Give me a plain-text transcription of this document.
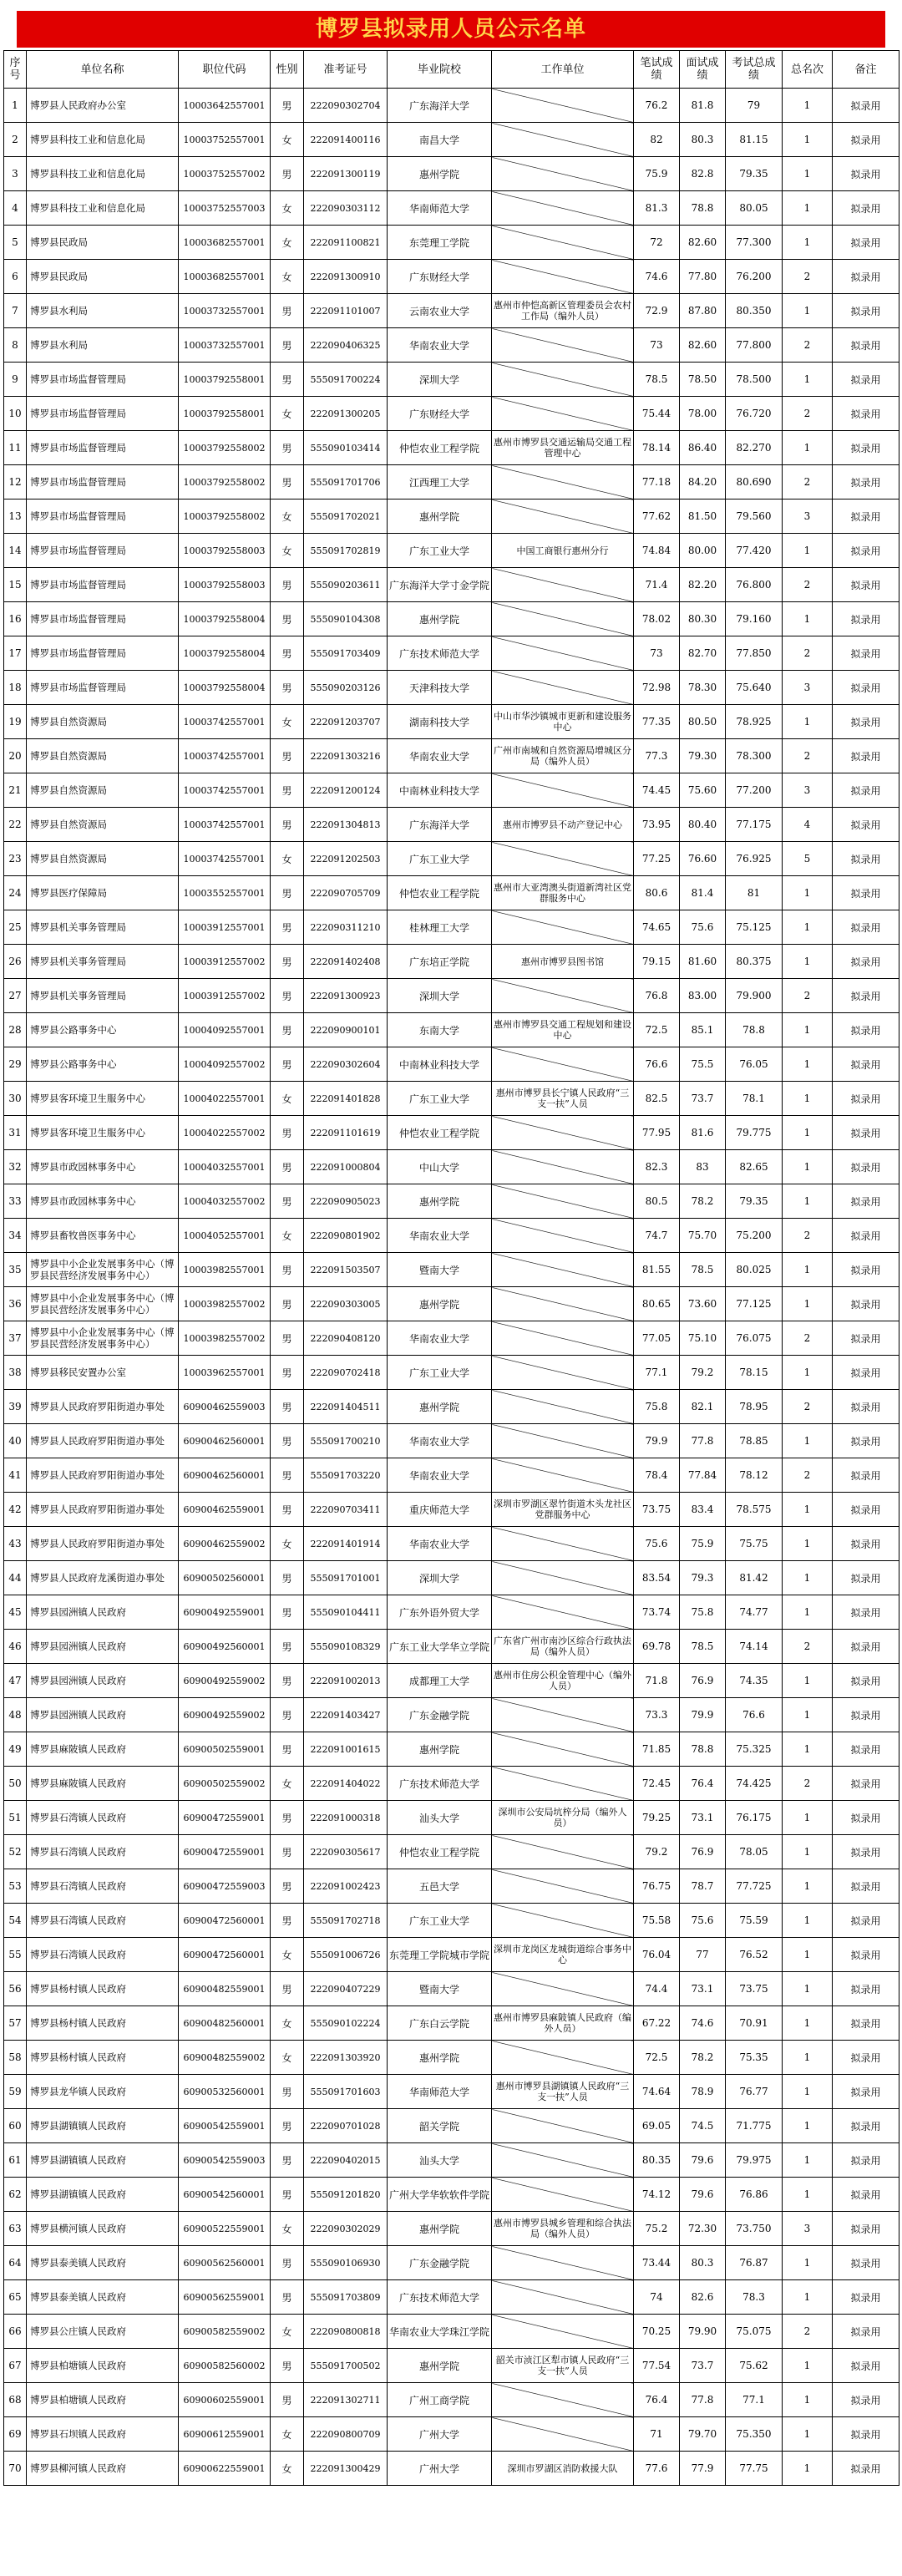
博罗县拟录用人员公示名单
序号	单位名称	职位代码	性别	准考证号	毕业院校	工作单位	笔试成绩	面试成绩	考试总成绩	总名次	备注
1	博罗县人民政府办公室	10003642557001	男	222090302704	广东海洋大学		76.2	81.8	79	1	拟录用
2	博罗县科技工业和信息化局	10003752557001	女	222091400116	南昌大学		82	80.3	81.15	1	拟录用
3	博罗县科技工业和信息化局	10003752557002	男	222091300119	惠州学院		75.9	82.8	79.35	1	拟录用
4	博罗县科技工业和信息化局	10003752557003	女	222090303112	华南师范大学		81.3	78.8	80.05	1	拟录用
5	博罗县民政局	10003682557001	女	222091100821	东莞理工学院		72	82.60	77.300	1	拟录用
6	博罗县民政局	10003682557001	女	222091300910	广东财经大学		74.6	77.80	76.200	2	拟录用
7	博罗县水利局	10003732557001	男	222091101007	云南农业大学	惠州市仲恺高新区管理委员会农村工作局（编外人员）	72.9	87.80	80.350	1	拟录用
8	博罗县水利局	10003732557001	男	222090406325	华南农业大学		73	82.60	77.800	2	拟录用
9	博罗县市场监督管理局	10003792558001	男	555091700224	深圳大学		78.5	78.50	78.500	1	拟录用
10	博罗县市场监督管理局	10003792558001	女	222091300205	广东财经大学		75.44	78.00	76.720	2	拟录用
11	博罗县市场监督管理局	10003792558002	男	555090103414	仲恺农业工程学院	惠州市博罗县交通运输局交通工程管理中心	78.14	86.40	82.270	1	拟录用
12	博罗县市场监督管理局	10003792558002	男	555091701706	江西理工大学		77.18	84.20	80.690	2	拟录用
13	博罗县市场监督管理局	10003792558002	女	555091702021	惠州学院		77.62	81.50	79.560	3	拟录用
14	博罗县市场监督管理局	10003792558003	女	555091702819	广东工业大学	中国工商银行惠州分行	74.84	80.00	77.420	1	拟录用
15	博罗县市场监督管理局	10003792558003	男	555090203611	广东海洋大学寸金学院		71.4	82.20	76.800	2	拟录用
16	博罗县市场监督管理局	10003792558004	男	555090104308	惠州学院		78.02	80.30	79.160	1	拟录用
17	博罗县市场监督管理局	10003792558004	男	555091703409	广东技术师范大学		73	82.70	77.850	2	拟录用
18	博罗县市场监督管理局	10003792558004	男	555090203126	天津科技大学		72.98	78.30	75.640	3	拟录用
19	博罗县自然资源局	10003742557001	女	222091203707	湖南科技大学	中山市华沙镇城市更新和建设服务中心	77.35	80.50	78.925	1	拟录用
20	博罗县自然资源局	10003742557001	男	222091303216	华南农业大学	广州市南城和自然资源局增城区分局（编外人员）	77.3	79.30	78.300	2	拟录用
21	博罗县自然资源局	10003742557001	男	222091200124	中南林业科技大学		74.45	75.60	77.200	3	拟录用
22	博罗县自然资源局	10003742557001	男	222091304813	广东海洋大学	惠州市博罗县不动产登记中心	73.95	80.40	77.175	4	拟录用
23	博罗县自然资源局	10003742557001	女	222091202503	广东工业大学		77.25	76.60	76.925	5	拟录用
24	博罗县医疗保障局	10003552557001	男	222090705709	仲恺农业工程学院	惠州市大亚湾澳头街道新湾社区党群服务中心	80.6	81.4	81	1	拟录用
25	博罗县机关事务管理局	10003912557001	男	222090311210	桂林理工大学		74.65	75.6	75.125	1	拟录用
26	博罗县机关事务管理局	10003912557002	男	222091402408	广东培正学院	惠州市博罗县图书馆	79.15	81.60	80.375	1	拟录用
27	博罗县机关事务管理局	10003912557002	男	222091300923	深圳大学		76.8	83.00	79.900	2	拟录用
28	博罗县公路事务中心	10004092557001	男	222090900101	东南大学	惠州市博罗县交通工程规划和建设中心	72.5	85.1	78.8	1	拟录用
29	博罗县公路事务中心	10004092557002	男	222090302604	中南林业科技大学		76.6	75.5	76.05	1	拟录用
30	博罗县客环境卫生服务中心	10004022557001	女	222091401828	广东工业大学	惠州市博罗县长宁镇人民政府“三支一扶”人员	82.5	73.7	78.1	1	拟录用
31	博罗县客环境卫生服务中心	10004022557002	男	222091101619	仲恺农业工程学院		77.95	81.6	79.775	1	拟录用
32	博罗县市政园林事务中心	10004032557001	男	222091000804	中山大学		82.3	83	82.65	1	拟录用
33	博罗县市政园林事务中心	10004032557002	男	222090905023	惠州学院		80.5	78.2	79.35	1	拟录用
34	博罗县畜牧兽医事务中心	10004052557001	女	222090801902	华南农业大学		74.7	75.70	75.200	2	拟录用
35	博罗县中小企业发展事务中心（博罗县民营经济发展事务中心）	10003982557001	男	222091503507	暨南大学		81.55	78.5	80.025	1	拟录用
36	博罗县中小企业发展事务中心（博罗县民营经济发展事务中心）	10003982557002	男	222090303005	惠州学院		80.65	73.60	77.125	1	拟录用
37	博罗县中小企业发展事务中心（博罗县民营经济发展事务中心）	10003982557002	男	222090408120	华南农业大学		77.05	75.10	76.075	2	拟录用
38	博罗县移民安置办公室	10003962557001	男	222090702418	广东工业大学		77.1	79.2	78.15	1	拟录用
39	博罗县人民政府罗阳街道办事处	60900462559003	男	222091404511	惠州学院		75.8	82.1	78.95	2	拟录用
40	博罗县人民政府罗阳街道办事处	60900462560001	男	555091700210	华南农业大学		79.9	77.8	78.85	1	拟录用
41	博罗县人民政府罗阳街道办事处	60900462560001	男	555091703220	华南农业大学		78.4	77.84	78.12	2	拟录用
42	博罗县人民政府罗阳街道办事处	60900462559001	男	222090703411	重庆师范大学	深圳市罗湖区翠竹街道木头龙社区党群服务中心	73.75	83.4	78.575	1	拟录用
43	博罗县人民政府罗阳街道办事处	60900462559002	女	222091401914	华南农业大学		75.6	75.9	75.75	1	拟录用
44	博罗县人民政府龙溪街道办事处	60900502560001	男	555091701001	深圳大学		83.54	79.3	81.42	1	拟录用
45	博罗县园洲镇人民政府	60900492559001	男	555090104411	广东外语外贸大学		73.74	75.8	74.77	1	拟录用
46	博罗县园洲镇人民政府	60900492560001	男	555090108329	广东工业大学华立学院	广东省广州市南沙区综合行政执法局（编外人员）	69.78	78.5	74.14	2	拟录用
47	博罗县园洲镇人民政府	60900492559002	男	222091002013	成都理工大学	惠州市住房公积金管理中心（编外人员）	71.8	76.9	74.35	1	拟录用
48	博罗县园洲镇人民政府	60900492559002	男	222091403427	广东金融学院		73.3	79.9	76.6	1	拟录用
49	博罗县麻陂镇人民政府	60900502559001	男	222091001615	惠州学院		71.85	78.8	75.325	1	拟录用
50	博罗县麻陂镇人民政府	60900502559002	女	222091404022	广东技术师范大学		72.45	76.4	74.425	2	拟录用
51	博罗县石湾镇人民政府	60900472559001	男	222091000318	汕头大学	深圳市公安局坑梓分局（编外人员）	79.25	73.1	76.175	1	拟录用
52	博罗县石湾镇人民政府	60900472559001	男	222090305617	仲恺农业工程学院		79.2	76.9	78.05	1	拟录用
53	博罗县石湾镇人民政府	60900472559003	男	222091002423	五邑大学		76.75	78.7	77.725	1	拟录用
54	博罗县石湾镇人民政府	60900472560001	男	555091702718	广东工业大学		75.58	75.6	75.59	1	拟录用
55	博罗县石湾镇人民政府	60900472560001	女	555091006726	东莞理工学院城市学院	深圳市龙岗区龙城街道综合事务中心	76.04	77	76.52	1	拟录用
56	博罗县杨村镇人民政府	60900482559001	男	222090407229	暨南大学		74.4	73.1	73.75	1	拟录用
57	博罗县杨村镇人民政府	60900482560001	女	555090102224	广东白云学院	惠州市博罗县麻陂镇人民政府（编外人员）	67.22	74.6	70.91	1	拟录用
58	博罗县杨村镇人民政府	60900482559002	女	222091303920	惠州学院		72.5	78.2	75.35	1	拟录用
59	博罗县龙华镇人民政府	60900532560001	男	555091701603	华南师范大学	惠州市博罗县湖镇镇人民政府“三支一扶”人员	74.64	78.9	76.77	1	拟录用
60	博罗县湖镇镇人民政府	60900542559001	男	222090701028	韶关学院		69.05	74.5	71.775	1	拟录用
61	博罗县湖镇镇人民政府	60900542559003	男	222090402015	汕头大学		80.35	79.6	79.975	1	拟录用
62	博罗县湖镇镇人民政府	60900542560001	男	555091201820	广州大学华软软件学院		74.12	79.6	76.86	1	拟录用
63	博罗县横河镇人民政府	60900522559001	女	222090302029	惠州学院	惠州市博罗县城乡管理和综合执法局（编外人员）	75.2	72.30	73.750	3	拟录用
64	博罗县泰美镇人民政府	60900562560001	男	555090106930	广东金融学院		73.44	80.3	76.87	1	拟录用
65	博罗县泰美镇人民政府	60900562559001	男	555091703809	广东技术师范大学		74	82.6	78.3	1	拟录用
66	博罗县公庄镇人民政府	60900582559002	女	222090800818	华南农业大学珠江学院		70.25	79.90	75.075	2	拟录用
67	博罗县柏塘镇人民政府	60900582560002	男	555091700502	惠州学院	韶关市浈江区犁市镇人民政府“三支一扶”人员	77.54	73.7	75.62	1	拟录用
68	博罗县柏塘镇人民政府	60900602559001	男	222091302711	广州工商学院		76.4	77.8	77.1	1	拟录用
69	博罗县石坝镇人民政府	60900612559001	女	222090800709	广州大学		71	79.70	75.350	1	拟录用
70	博罗县柳河镇人民政府	60900622559001	女	222091300429	广州大学	深圳市罗湖区消防救援大队	77.6	77.9	77.75	1	拟录用
